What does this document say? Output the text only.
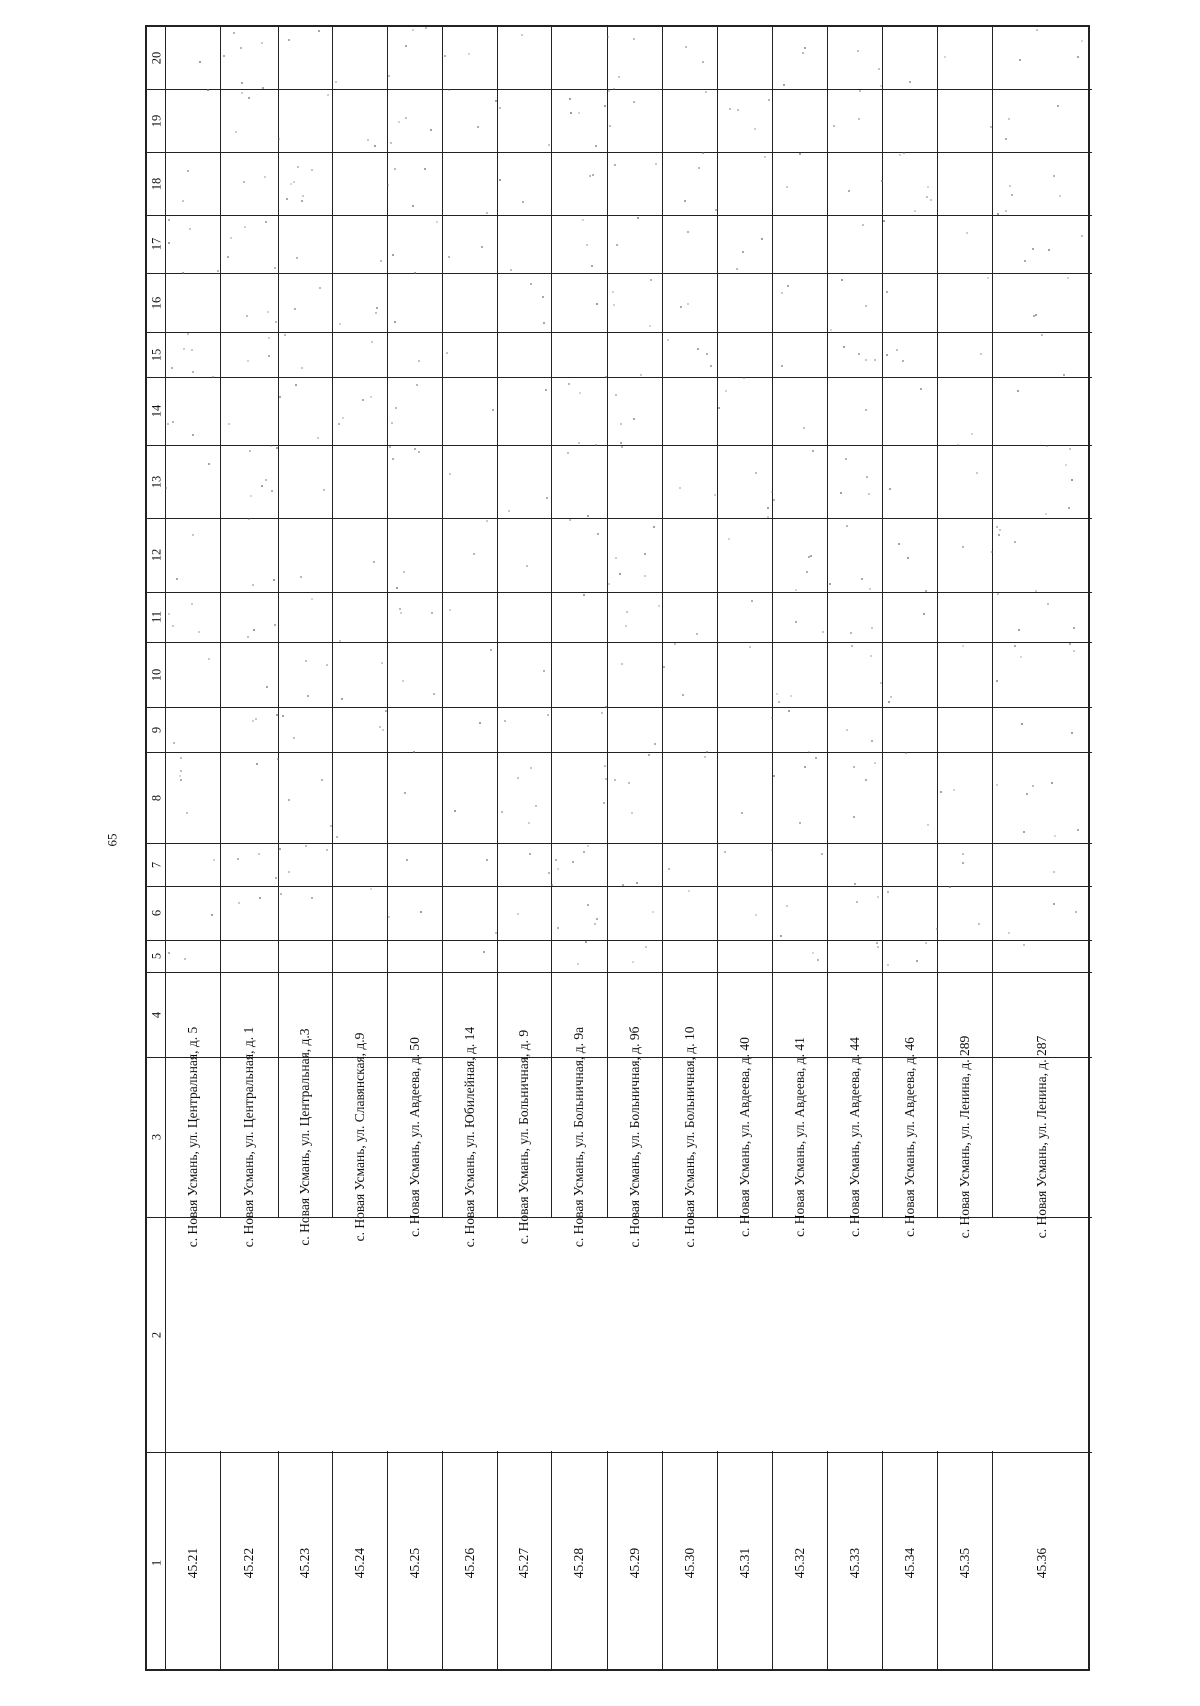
65
1
2
3
4
5
6
7
8
9
10
11
12
13
14
15
16
17
18
19
20
45.21
с. Новая Усмань, ул. Центральная, д. 5
45.22
с. Новая Усмань, ул. Центральная, д. 1
45.23
с. Новая Усмань, ул. Центральная, д.3
45.24
с. Новая Усмань, ул. Славянская, д.9
45.25
с. Новая Усмань, ул. Авдеева, д. 50
45.26
с. Новая Усмань, ул. Юбилейная, д. 14
45.27
с. Новая Усмань, ул. Больничная, д. 9
45.28
с. Новая Усмань, ул. Больничная, д. 9а
45.29
с. Новая Усмань, ул. Больничная, д. 9б
45.30
с. Новая Усмань, ул. Больничная, д. 10
45.31
с. Новая Усмань, ул. Авдеева, д. 40
45.32
с. Новая Усмань, ул. Авдеева, д. 41
45.33
с. Новая Усмань, ул. Авдеева, д. 44
45.34
с. Новая Усмань, ул. Авдеева, д. 46
45.35
с. Новая Усмань, ул. Ленина, д. 289
45.36
с. Новая Усмань, ул. Ленина, д. 287
